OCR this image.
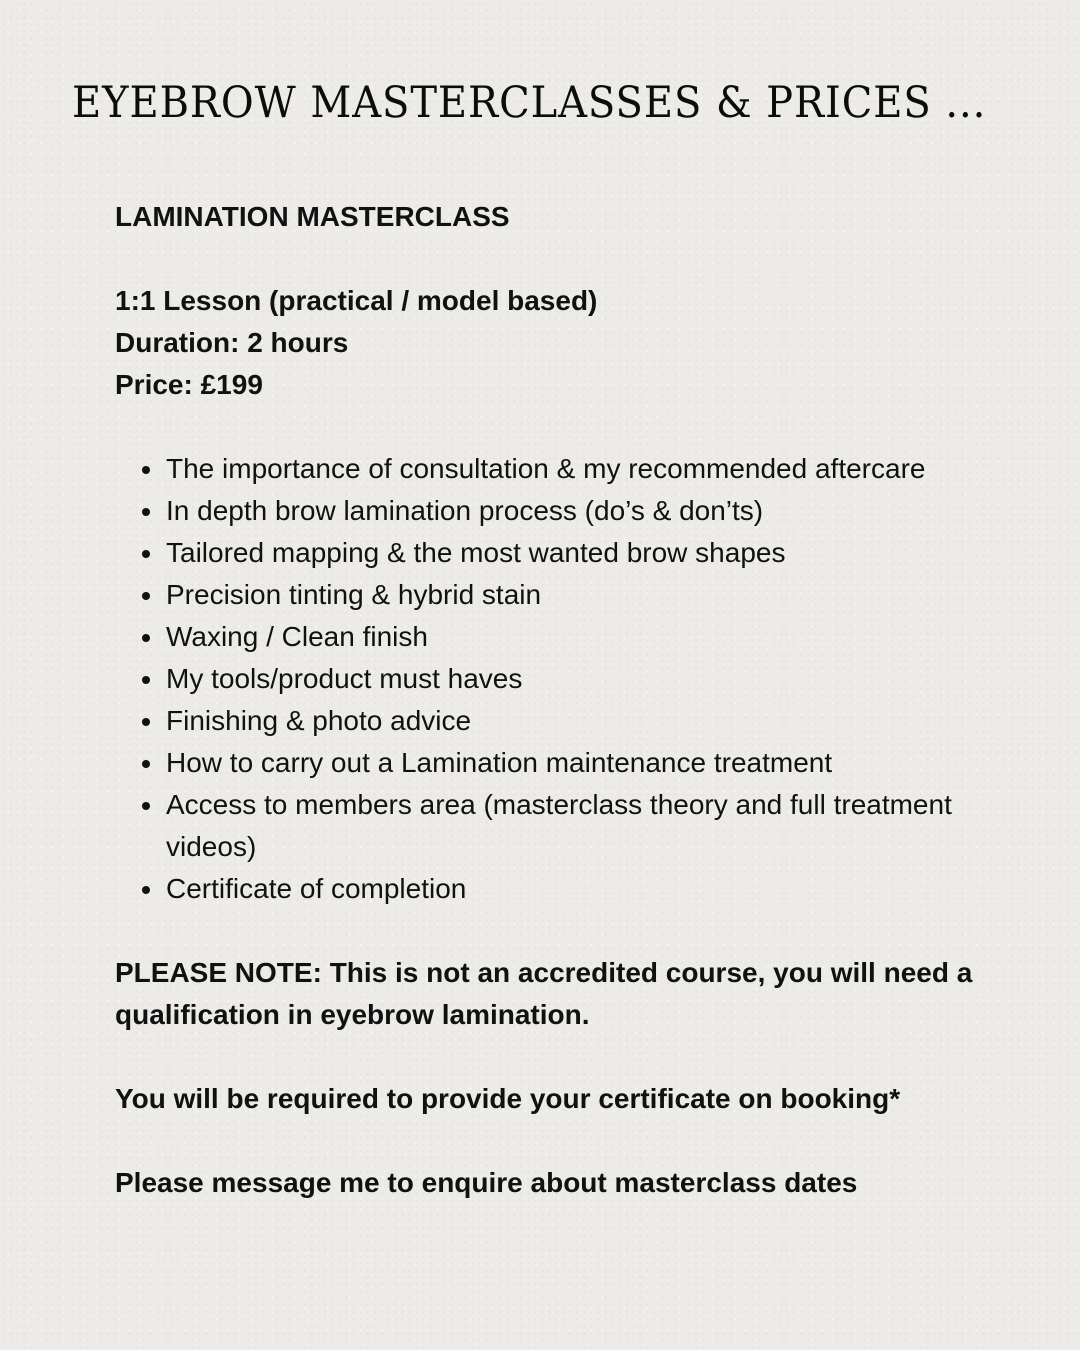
EYEBROW MASTERCLASSES & PRICES ...

LAMINATION MASTERCLASS

1:1 Lesson (practical / model based)
Duration: 2 hours
Price: £199
The importance of consultation & my recommended aftercare
In depth brow lamination process (do’s & don’ts)
Tailored mapping & the most wanted brow shapes
Precision tinting & hybrid stain
Waxing / Clean finish
My tools/product must haves
Finishing & photo advice
How to carry out a Lamination maintenance treatment
Access to members area (masterclass theory and full treatment videos)
Certificate of completion

PLEASE NOTE: This is not an accredited course, you will need a qualification in eyebrow lamination.

You will be required to provide your certificate on booking*

Please message me to enquire about masterclass dates
